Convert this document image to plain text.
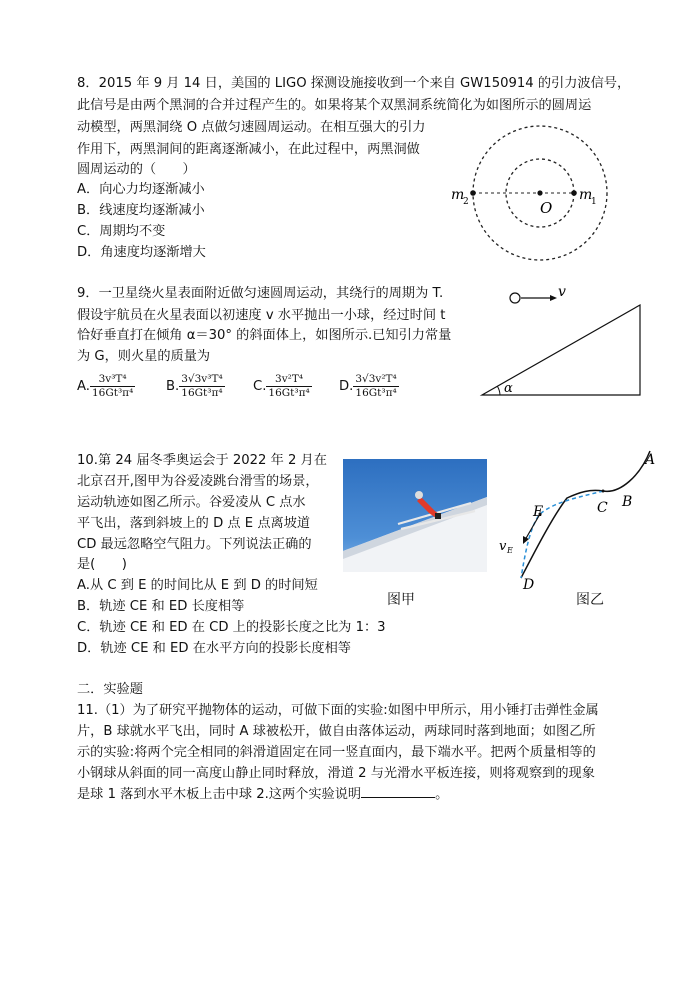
8．2015 年 9 月 14 日，美国的 LIGO 探测设施接收到一个来自 GW150914 的引力波信号，
此信号是由两个黑洞的合并过程产生的。如果将某个双黑洞系统简化为如图所示的圆周运
动模型，两黑洞绕 O 点做匀速圆周运动。在相互强大的引力
作用下，两黑洞间的距离逐渐减小，在此过程中，两黑洞做
圆周运动的（　　）
A．向心力均逐渐减小
B．线速度均逐渐减小
C．周期均不变
D．角速度均逐渐增大
O
m
2	m
1
9．一卫星绕火星表面附近做匀速圆周运动，其绕行的周期为 T.
假设宇航员在火星表面以初速度 v 水平抛出一小球，经过时间 t
恰好垂直打在倾角 α＝30° 的斜面体上，如图所示.已知引力常量
为 G，则火星的质量为
A. $\frac{\text{3v³T⁴}}{\text{16Gt³π⁴}} B$. $\frac{\text{3√3v³T⁴}}{\text{16Gt³π⁴}} C$. $\frac{\text{3v²T⁴}}{\text{16Gt³π⁴}} D$. $\frac{\text{3√3v²T⁴}}{\text{16Gt³π⁴}}$
v
α
10.第 24 届冬季奥运会于 2022 年 2 月在
北京召开,图甲为谷爱凌跳台滑雪的场景，
运动轨迹如图乙所示。谷爱凌从 C 点水
平飞出，落到斜坡上的 D 点 E 点离坡道
CD 最远忽略空气阻力。下列说法正确的
是(　　)
A.从 C 到 E 的时间比从 E 到 D 的时间短
B．轨迹 CE 和 ED 长度相等
C．轨迹 CE 和 ED 在 CD 上的投影长度之比为 1：3
D．轨迹 CE 和 ED 在水平方向的投影长度相等
图甲
A
B
C
D
E
v E
图乙
二．实验题
11.（1）为了研究平抛物体的运动，可做下面的实验:如图中甲所示，用小锤打击弹性金属
片，B 球就水平飞出，同时 A 球被松开，做自由落体运动，两球同时落到地面；如图乙所
示的实验:将两个完全相同的斜滑道固定在同一竖直面内，最下端水平。把两个质量相等的
小钢球从斜面的同一高度山静止同时释放，滑道 2 与光滑水平板连接，则将观察到的现象
是球 1 落到水平木板上击中球 2.这两个实验说明	。
